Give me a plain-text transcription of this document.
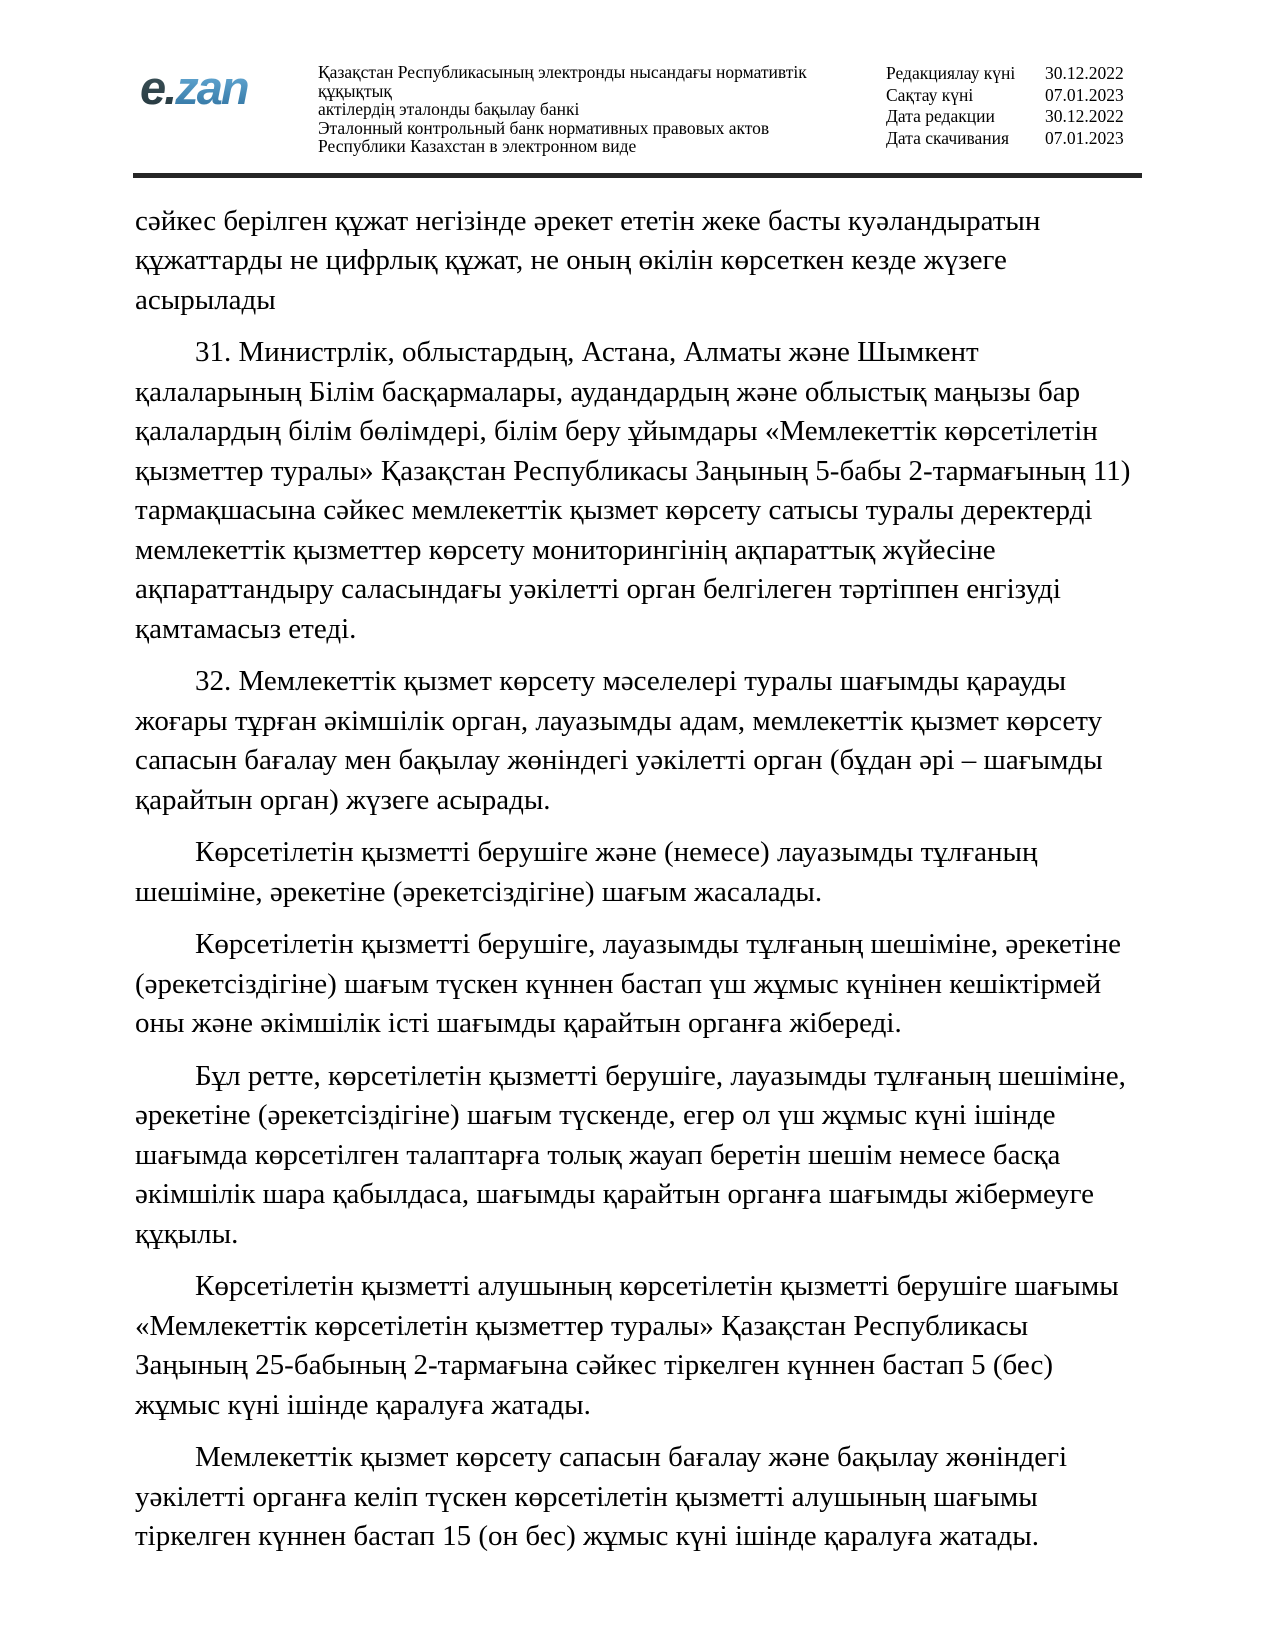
e.zan	Қазақстан Республикасының электронды нысандағы нормативтік құқықтық
актілердің эталонды бақылау банкі
Эталонный контрольный банк нормативных правовых актов
Республики Казахстан в электронном виде
Редакциялау күні	30.12.2022
Сақтау күні	07.01.2023
Дата редакции	30.12.2022
Дата скачивания	07.01.2023

сәйкес берілген құжат негізінде әрекет ететін жеке басты куәландыратын құжаттарды не цифрлық құжат, не оның өкілін көрсеткен кезде жүзеге асырылады

31. Министрлік, облыстардың, Астана, Алматы және Шымкент қалаларының Білім басқармалары, аудандардың және облыстық маңызы бар қалалардың білім бөлімдері, білім беру ұйымдары «Мемлекеттік көрсетілетін қызметтер туралы» Қазақстан Республикасы Заңының 5-бабы 2-тармағының 11) тармақшасына сәйкес мемлекеттік қызмет көрсету сатысы туралы деректерді мемлекеттік қызметтер көрсету мониторингінің ақпараттық жүйесіне ақпараттандыру саласындағы уәкілетті орган белгілеген тәртіппен енгізуді қамтамасыз етеді.

32. Мемлекеттік қызмет көрсету мәселелері туралы шағымды қарауды жоғары тұрған әкімшілік орган, лауазымды адам, мемлекеттік қызмет көрсету сапасын бағалау мен бақылау жөніндегі уәкілетті орган (бұдан әрі – шағымды қарайтын орган) жүзеге асырады.

Көрсетілетін қызметті берушіге және (немесе) лауазымды тұлғаның шешіміне, әрекетіне (әрекетсіздігіне) шағым жасалады.

Көрсетілетін қызметті берушіге, лауазымды тұлғаның шешіміне, әрекетіне (әрекетсіздігіне) шағым түскен күннен бастап үш жұмыс күнінен кешіктірмей оны және әкімшілік істі шағымды қарайтын органға жібереді.

Бұл ретте, көрсетілетін қызметті берушіге, лауазымды тұлғаның шешіміне, әрекетіне (әрекетсіздігіне) шағым түскенде, егер ол үш жұмыс күні ішінде шағымда көрсетілген талаптарға толық жауап беретін шешім немесе басқа әкімшілік шара қабылдаса, шағымды қарайтын органға шағымды жібермеуге құқылы.

Көрсетілетін қызметті алушының көрсетілетін қызметті берушіге шағымы «Мемлекеттік көрсетілетін қызметтер туралы» Қазақстан Республикасы Заңының 25-бабының 2-тармағына сәйкес тіркелген күннен бастап 5 (бес) жұмыс күні ішінде қаралуға жатады.

Мемлекеттік қызмет көрсету сапасын бағалау және бақылау жөніндегі уәкілетті органға келіп түскен көрсетілетін қызметті алушының шағымы тіркелген күннен бастап 15 (он бес) жұмыс күні ішінде қаралуға жатады.
